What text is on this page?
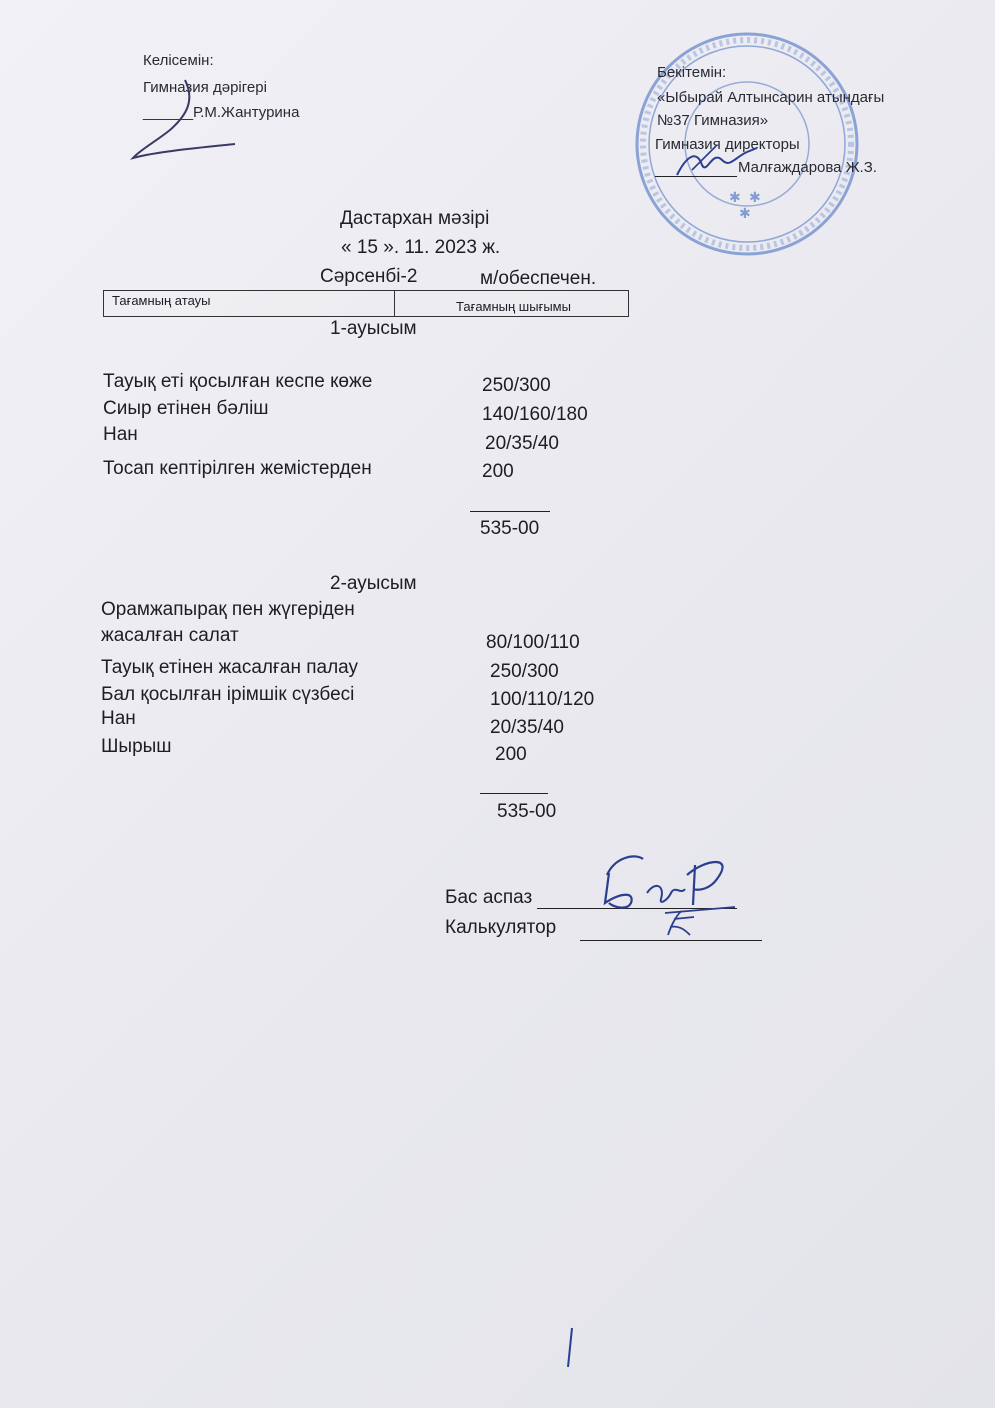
Келісемін:
Гимназия дәрігері
______Р.М.Жантурина
✱ ✱
✱
Бекітемін:
«Ыбырай Алтынсарин атындағы
№37 Гимназия»
Гимназия директоры
Малғаждарова Ж.З.
Дастархан мәзірі
« 15 ». 11. 2023 ж.
Сәрсенбі-2	м/обеспечен.
Тағамның атауы	Тағамның шығымы
1-ауысым
Тауық еті қосылған кеспе көже	250/300
Сиыр етінен бәліш	140/160/180
Нан	20/35/40
Тосап кептірілген жемістерден	200
535-00
2-ауысым
Орамжапырақ пен жүгеріден
жасалған салат	80/100/110
Тауық етінен жасалған палау	250/300
Бал қосылған ірімшік сүзбесі	100/110/120
Нан	20/35/40
Шырыш	200
535-00
Бас аспаз
Калькулятор
